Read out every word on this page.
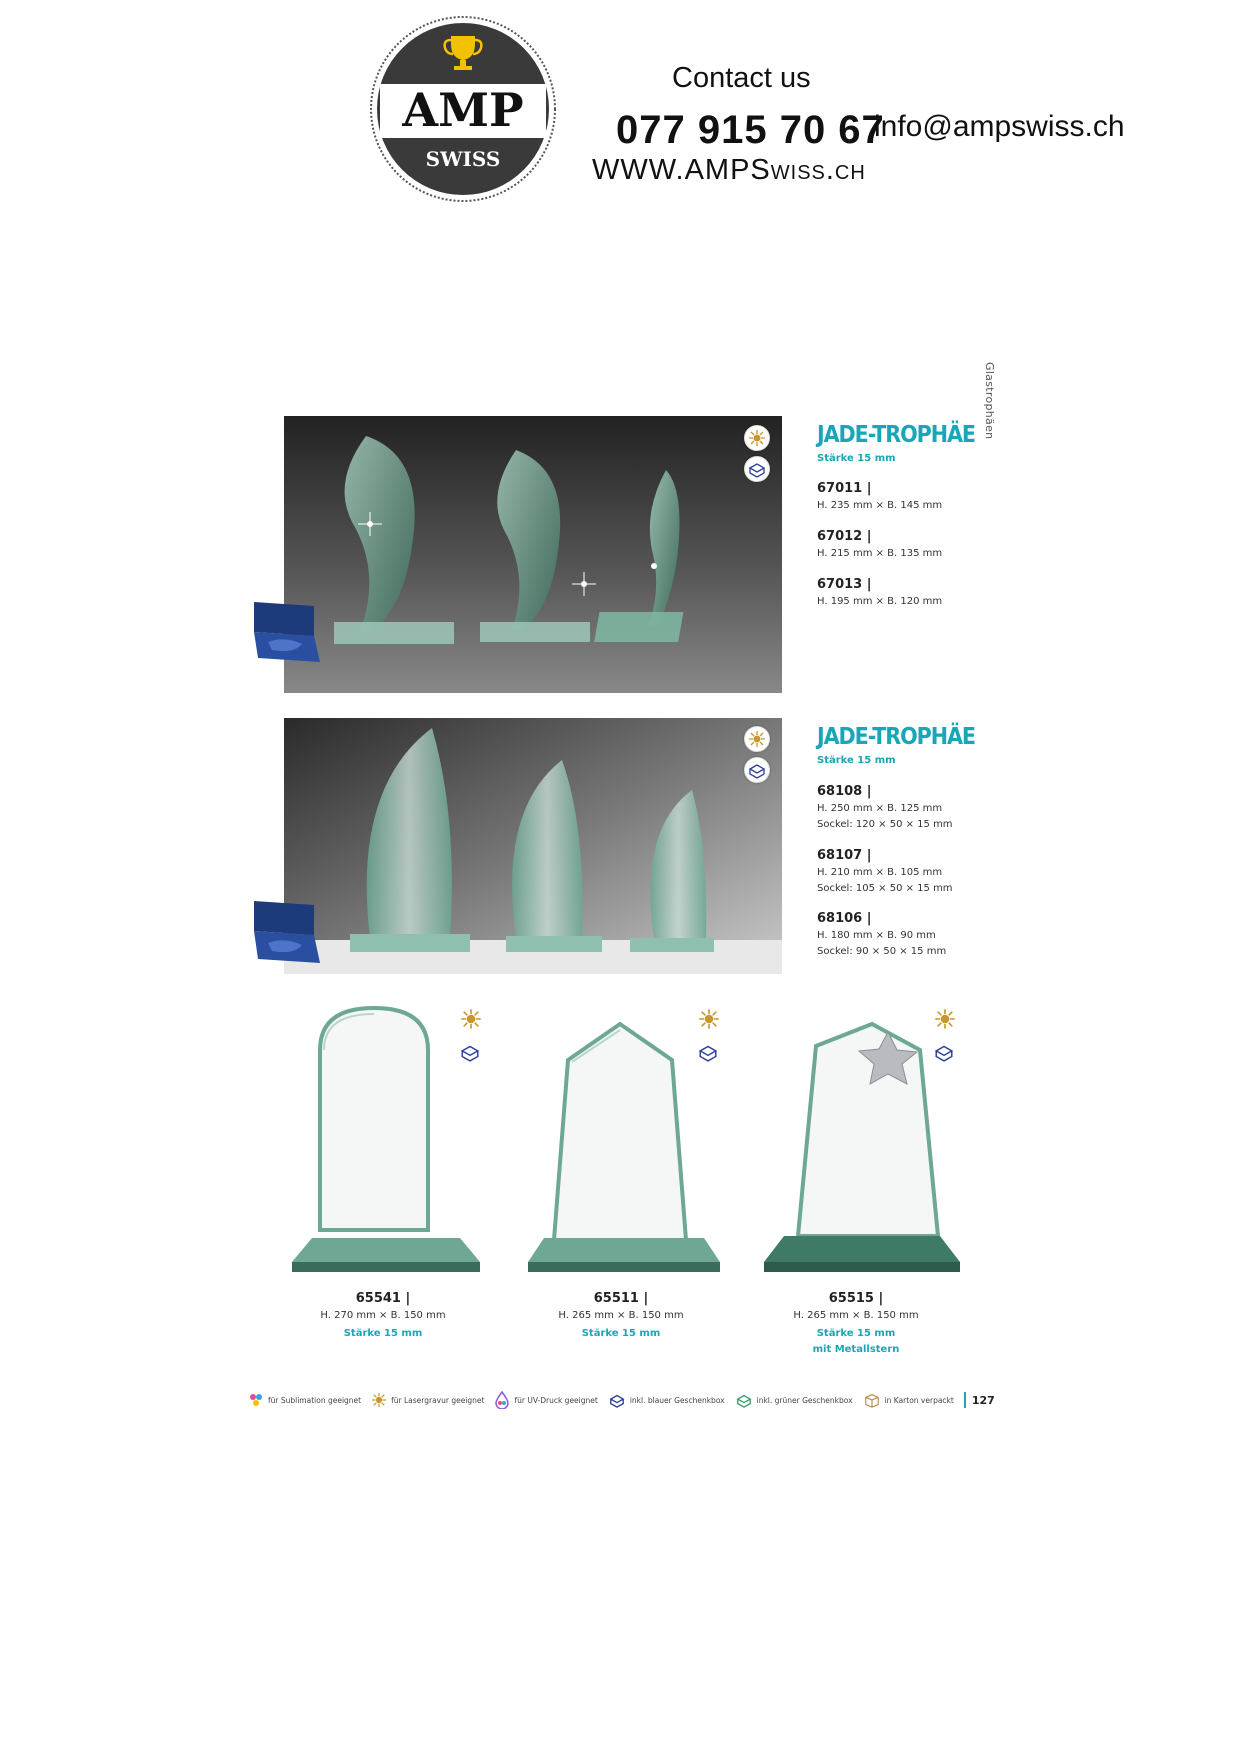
AMP
SWISS
Contact us
077 915 70 67
info@ampswiss.ch
WWW.AMPSwiss.ch
Glastrophäen
JADE-TROPHÄE
Stärke 15 mm
67011 |
H. 235 mm × B. 145 mm
67012 |
H. 215 mm × B. 135 mm
67013 |
H. 195 mm × B. 120 mm
JADE-TROPHÄE
Stärke 15 mm
68108 |
H. 250 mm × B. 125 mm
Sockel: 120 × 50 × 15 mm
68107 |
H. 210 mm × B. 105 mm
Sockel: 105 × 50 × 15 mm
68106 |
H. 180 mm × B. 90 mm
Sockel: 90 × 50 × 15 mm
65541 |
H. 270 mm × B. 150 mm
Stärke 15 mm
65511 |
H. 265 mm × B. 150 mm
Stärke 15 mm
65515 |
H. 265 mm × B. 150 mm
Stärke 15 mm
mit Metallstern
für Sublimation geeignet	für Lasergravur geeignet	für UV-Druck geeignet	inkl. blauer Geschenkbox	inkl. grüner Geschenkbox	in Karton verpackt 127
